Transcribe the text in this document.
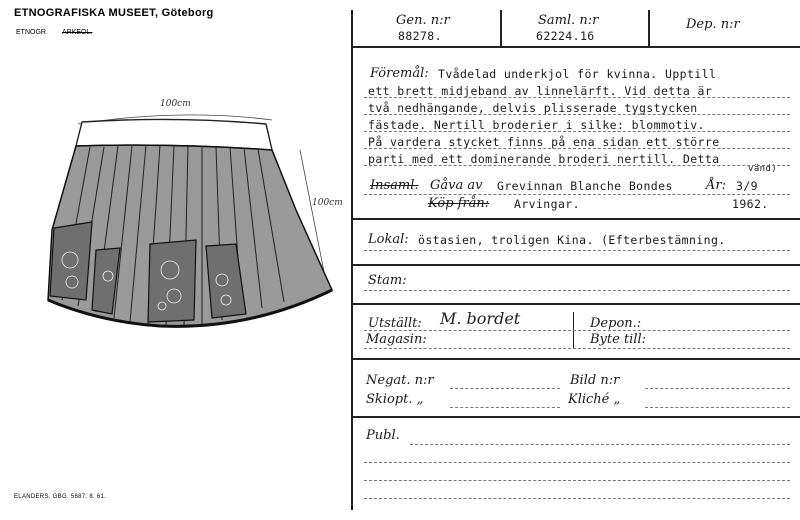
ETNOGRAFISKA MUSEET, Göteborg
ETNOGR. ARKEOL.
100cm
100cm
ELANDERS. GBG. 5687. 8. 61.
Gen. n:r
88278.
Saml. n:r
62224.16
Dep. n:r
Föremål: Tvådelad underkjol för kvinna. Upptill
ett brett midjeband av linnelärft. Vid detta är
två nedhängande, delvis plisserade tygstycken
fästade. Nertill broderier i silke: blommotiv.
På vardera stycket finns på ena sidan ett större
parti med ett dominerande broderi nertill. Detta
vänd)
Insaml. Gåva av Grevinnan Blanche Bondes	År: 3/9
Köp från: Arvingar.	1962.
Lokal: östasien, troligen Kina. (Efterbestämning.
Stam:
Utställt: M. bordet
Magasin:
Depon.:
Byte till:
Negat. n:r	Bild n:r
Skiopt. „	Kliché „
Publ.
